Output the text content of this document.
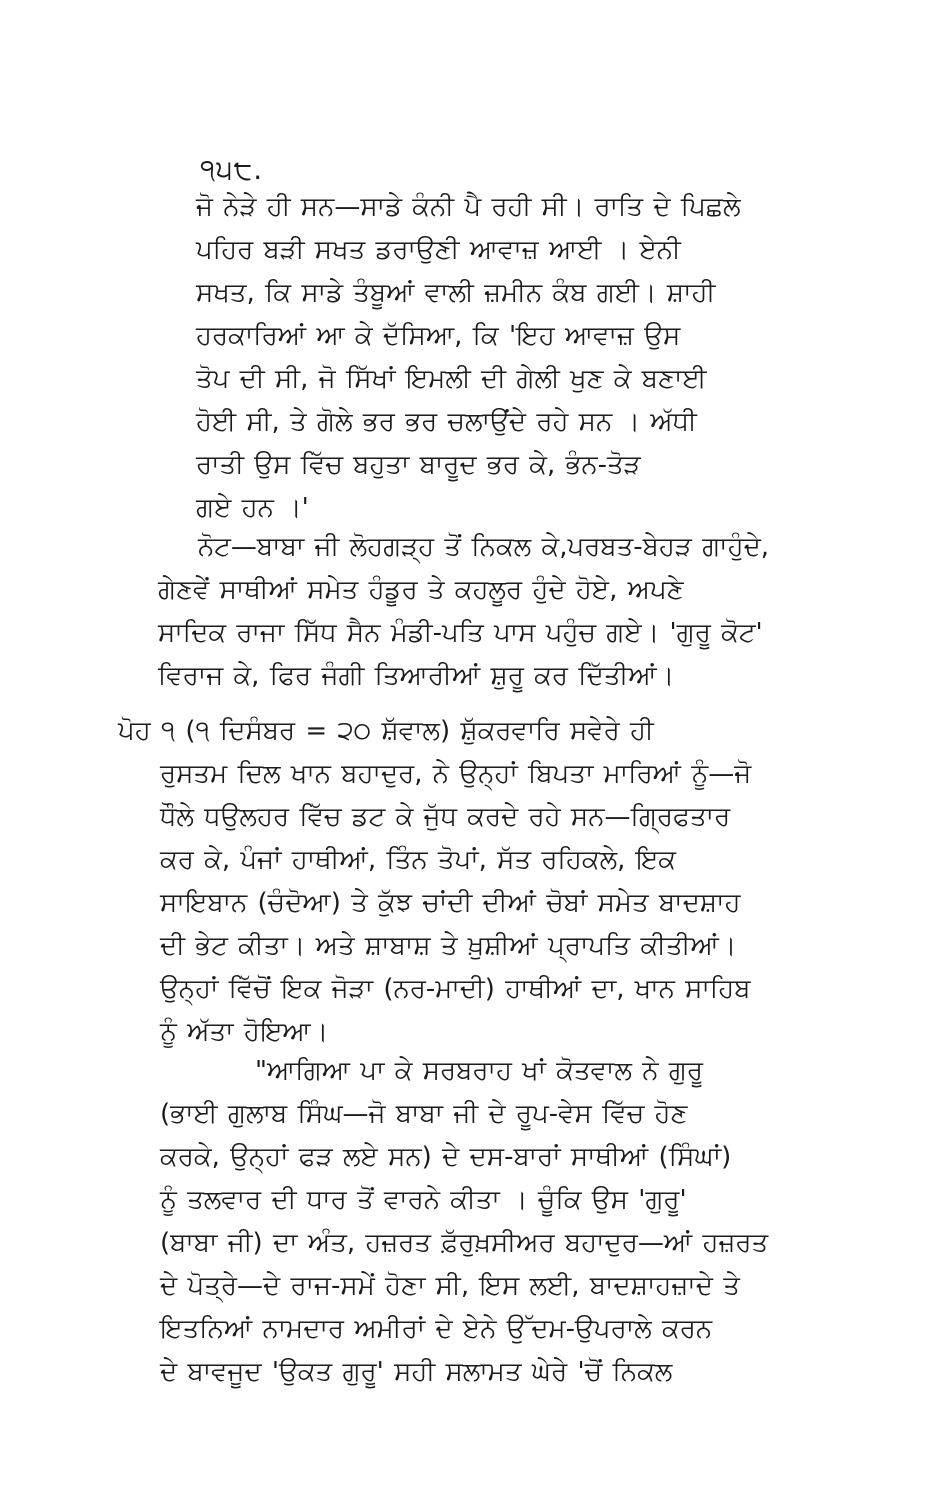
੧੫੮.
ਜੋ ਨੇੜੇ ਹੀ ਸਨ—ਸਾਡੇ ਕੰਨੀ ਪੈ ਰਹੀ ਸੀ। ਰਾਤਿ ਦੇ ਪਿਛਲੇ
ਪਹਿਰ ਬੜੀ ਸਖਤ ਡਰਾਉਣੀ ਆਵਾਜ਼ ਆਈ । ਏਨੀ
ਸਖਤ, ਕਿ ਸਾਡੇ ਤੰਬੂਆਂ ਵਾਲੀ ਜ਼ਮੀਨ ਕੰਬ ਗਈ। ਸ਼ਾਹੀ
ਹਰਕਾਰਿਆਂ ਆ ਕੇ ਦੱਸਿਆ, ਕਿ 'ਇਹ ਆਵਾਜ਼ ਉਸ
ਤੋਪ ਦੀ ਸੀ, ਜੋ ਸਿੱਖਾਂ ਇਮਲੀ ਦੀ ਗੇਲੀ ਖੁਣ ਕੇ ਬਣਾਈ
ਹੋਈ ਸੀ, ਤੇ ਗੋਲੇ ਭਰ ਭਰ ਚਲਾਉਂਦੇ ਰਹੇ ਸਨ । ਅੱਧੀ
ਰਾਤੀ ਉਸ ਵਿੱਚ ਬਹੁਤਾ ਬਾਰੂਦ ਭਰ ਕੇ, ਭੰਨ-ਤੋੜ
ਗਏ ਹਨ ।'
ਨੋਟ—ਬਾਬਾ ਜੀ ਲੋਹਗੜ੍ਹ ਤੋਂ ਨਿਕਲ ਕੇ,ਪਰਬਤ-ਬੇਹੜ ਗਾਹੁੰਦੇ,
ਗੇਣਵੇਂ ਸਾਥੀਆਂ ਸਮੇਤ ਹੰਡੂਰ ਤੇ ਕਹਲੂਰ ਹੁੰਦੇ ਹੋਏ, ਅਪਣੇ
ਸਾਦਿਕ ਰਾਜਾ ਸਿੱਧ ਸੈਨ ਮੰਡੀ-ਪਤਿ ਪਾਸ ਪਹੁੰਚ ਗਏ। 'ਗੁਰੂ ਕੋਟ'
ਵਿਰਾਜ ਕੇ, ਫਿਰ ਜੰਗੀ ਤਿਆਰੀਆਂ ਸ਼ੁਰੂ ਕਰ ਦਿੱਤੀਆਂ।
ਪੋਹ ੧ (੧ ਦਿਸੰਬਰ = ੨੦ ਸ਼ੱਵਾਲ) ਸ਼ੁੱਕਰਵਾਰਿ ਸਵੇਰੇ ਹੀ
ਰੁਸਤਮ ਦਿਲ ਖਾਨ ਬਹਾਦੁਰ, ਨੇ ਉਨ੍ਹਾਂ ਬਿਪਤਾ ਮਾਰਿਆਂ ਨੂੰ—ਜੋ
ਧੌਲੇ ਧਉਲਹਰ ਵਿੱਚ ਡਟ ਕੇ ਜੁੱਧ ਕਰਦੇ ਰਹੇ ਸਨ—ਗ੍ਰਿਫਤਾਰ
ਕਰ ਕੇ, ਪੰਜਾਂ ਹਾਥੀਆਂ, ਤਿੰਨ ਤੋਪਾਂ, ਸੱਤ ਰਹਿਕਲੇ, ਇਕ
ਸਾਇਬਾਨ (ਚੰਦੋਆ) ਤੇ ਕੁੱਝ ਚਾਂਦੀ ਦੀਆਂ ਚੋਬਾਂ ਸਮੇਤ ਬਾਦਸ਼ਾਹ
ਦੀ ਭੇਟ ਕੀਤਾ। ਅਤੇ ਸ਼ਾਬਾਸ਼ ਤੇ ਖ਼ੁਸ਼ੀਆਂ ਪ੍ਰਾਪਤਿ ਕੀਤੀਆਂ।
ਉਨ੍ਹਾਂ ਵਿੱਚੋਂ ਇਕ ਜੋੜਾ (ਨਰ-ਮਾਦੀ) ਹਾਥੀਆਂ ਦਾ, ਖਾਨ ਸਾਹਿਬ
ਨੂੰ ਅੱਤਾ ਹੋਇਆ।
"ਆਗਿਆ ਪਾ ਕੇ ਸਰਬਰਾਹ ਖਾਂ ਕੋਤਵਾਲ ਨੇ ਗੁਰੂ
(ਭਾਈ ਗੁਲਾਬ ਸਿੰਘ—ਜੋ ਬਾਬਾ ਜੀ ਦੇ ਰੂਪ-ਵੇਸ ਵਿੱਚ ਹੋਣ
ਕਰਕੇ, ਉਨ੍ਹਾਂ ਫੜ ਲਏ ਸਨ) ਦੇ ਦਸ-ਬਾਰਾਂ ਸਾਥੀਆਂ (ਸਿੰਘਾਂ)
ਨੂੰ ਤਲਵਾਰ ਦੀ ਧਾਰ ਤੋਂ ਵਾਰਨੇ ਕੀਤਾ । ਚੂੰਕਿ ਉਸ 'ਗੁਰੂ'
(ਬਾਬਾ ਜੀ) ਦਾ ਅੰਤ, ਹਜ਼ਰਤ ਫ਼ੱਰੁਖ਼ਸੀਅਰ ਬਹਾਦੁਰ—ਆਂ ਹਜ਼ਰਤ
ਦੇ ਪੋਤ੍ਰੇ—ਦੇ ਰਾਜ-ਸਮੇਂ ਹੋਣਾ ਸੀ, ਇਸ ਲਈ, ਬਾਦਸ਼ਾਹਜ਼ਾਦੇ ਤੇ
ਇਤਨਿਆਂ ਨਾਮਦਾਰ ਅਮੀਰਾਂ ਦੇ ਏਨੇ ਉੱਦਮ-ਉਪਰਾਲੇ ਕਰਨ
ਦੇ ਬਾਵਜੂਦ 'ਉਕਤ ਗੁਰੂ' ਸਹੀ ਸਲਾਮਤ ਘੇਰੇ 'ਚੋਂ ਨਿਕਲ
